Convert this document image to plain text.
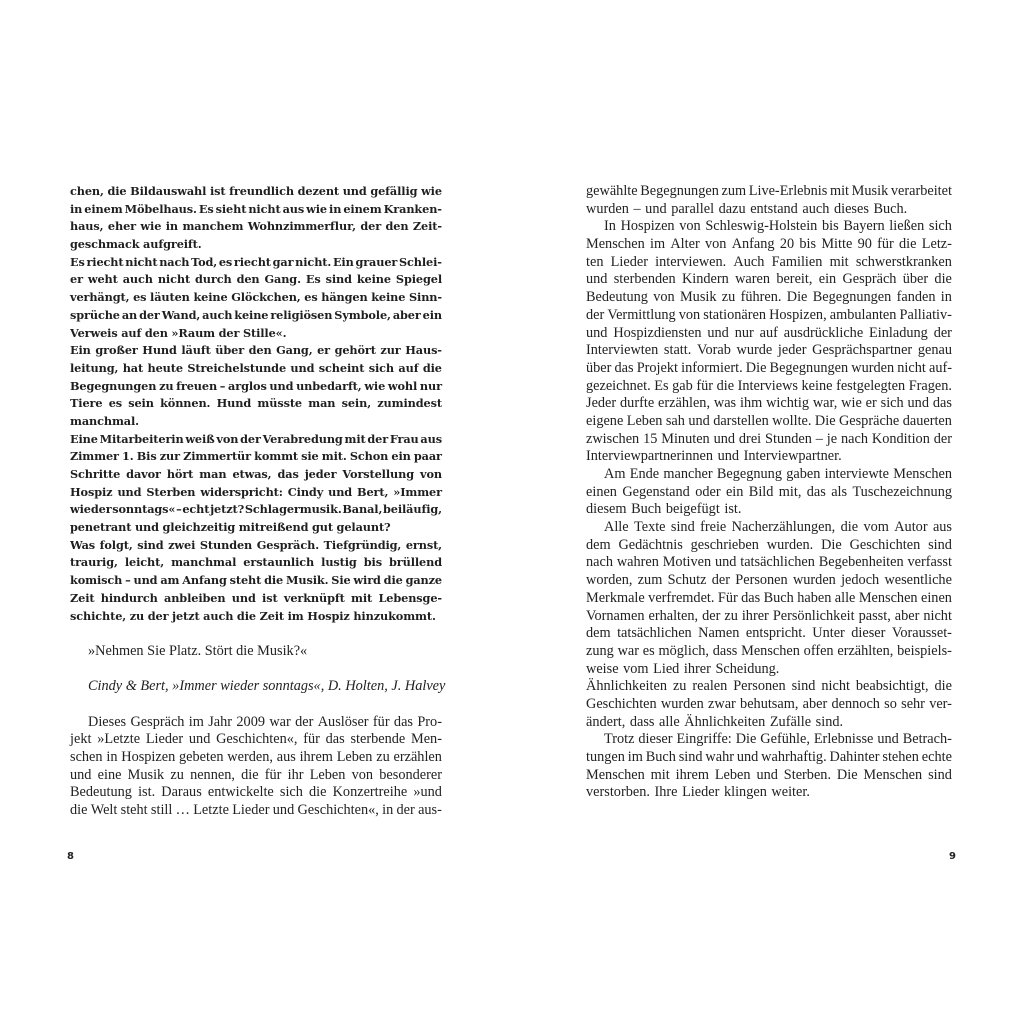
chen, die Bildauswahl ist freundlich dezent und gefällig wie
in einem Möbelhaus. Es sieht nicht aus wie in einem Kranken-
haus, eher wie in manchem Wohnzimmerflur, der den Zeit-
geschmack aufgreift.
Es riecht nicht nach Tod, es riecht gar nicht. Ein grauer Schlei-
er weht auch nicht durch den Gang. Es sind keine Spiegel
verhängt, es läuten keine Glöckchen, es hängen keine Sinn-
sprüche an der Wand, auch keine religiösen Symbole, aber ein
Verweis auf den »Raum der Stille«.
Ein großer Hund läuft über den Gang, er gehört zur Haus-
leitung, hat heute Streichelstunde und scheint sich auf die
Begegnungen zu freuen – arglos und unbedarft, wie wohl nur
Tiere es sein können. Hund müsste man sein, zumindest
manchmal.
Eine Mitarbeiterin weiß von der Verabredung mit der Frau aus
Zimmer 1. Bis zur Zimmertür kommt sie mit. Schon ein paar
Schritte davor hört man etwas, das jeder Vorstellung von
Hospiz und Sterben widerspricht: Cindy und Bert, »Immer
wieder sonntags« – echt jetzt? Schlagermusik. Banal, beiläufig,
penetrant und gleichzeitig mitreißend gut gelaunt?
Was folgt, sind zwei Stunden Gespräch. Tiefgründig, ernst,
traurig, leicht, manchmal erstaunlich lustig bis brüllend
komisch – und am Anfang steht die Musik. Sie wird die ganze
Zeit hindurch anbleiben und ist verknüpft mit Lebensge-
schichte, zu der jetzt auch die Zeit im Hospiz hinzukommt.
»Nehmen Sie Platz. Stört die Musik?«
Cindy & Bert, »Immer wieder sonntags«, D. Holten, J. Halvey
Dieses Gespräch im Jahr 2009 war der Auslöser für das Pro-
jekt »Letzte Lieder und Geschichten«, für das sterbende Men-
schen in Hospizen gebeten werden, aus ihrem Leben zu erzählen
und eine Musik zu nennen, die für ihr Leben von besonderer
Bedeutung ist. Daraus entwickelte sich die Konzertreihe »und
die Welt steht still … Letzte Lieder und Geschichten«, in der aus-
8
gewählte Begegnungen zum Live-Erlebnis mit Musik verarbeitet
wurden – und parallel dazu entstand auch dieses Buch.
In Hospizen von Schleswig-Holstein bis Bayern ließen sich
Menschen im Alter von Anfang 20 bis Mitte 90 für die Letz-
ten Lieder interviewen. Auch Familien mit schwerstkranken
und sterbenden Kindern waren bereit, ein Gespräch über die
Bedeutung von Musik zu führen. Die Begegnungen fanden in
der Vermittlung von stationären Hospizen, ambulanten Palliativ-
und Hospizdiensten und nur auf ausdrückliche Einladung der
Interviewten statt. Vorab wurde jeder Gesprächspartner genau
über das Projekt informiert. Die Begegnungen wurden nicht auf-
gezeichnet. Es gab für die Interviews keine festgelegten Fragen.
Jeder durfte erzählen, was ihm wichtig war, wie er sich und das
eigene Leben sah und darstellen wollte. Die Gespräche dauerten
zwischen 15 Minuten und drei Stunden – je nach Kondition der
Interviewpartnerinnen und Interviewpartner.
Am Ende mancher Begegnung gaben interviewte Menschen
einen Gegenstand oder ein Bild mit, das als Tuschezeichnung
diesem Buch beigefügt ist.
Alle Texte sind freie Nacherzählungen, die vom Autor aus
dem Gedächtnis geschrieben wurden. Die Geschichten sind
nach wahren Motiven und tatsächlichen Begebenheiten verfasst
worden, zum Schutz der Personen wurden jedoch wesentliche
Merkmale verfremdet. Für das Buch haben alle Menschen einen
Vornamen erhalten, der zu ihrer Persönlichkeit passt, aber nicht
dem tatsächlichen Namen entspricht. Unter dieser Vorausset-
zung war es möglich, dass Menschen offen erzählten, beispiels-
weise vom Lied ihrer Scheidung.
Ähnlichkeiten zu realen Personen sind nicht beabsichtigt, die
Geschichten wurden zwar behutsam, aber dennoch so sehr ver-
ändert, dass alle Ähnlichkeiten Zufälle sind.
Trotz dieser Eingriffe: Die Gefühle, Erlebnisse und Betrach-
tungen im Buch sind wahr und wahrhaftig. Dahinter stehen echte
Menschen mit ihrem Leben und Sterben. Die Menschen sind
verstorben. Ihre Lieder klingen weiter.
9
